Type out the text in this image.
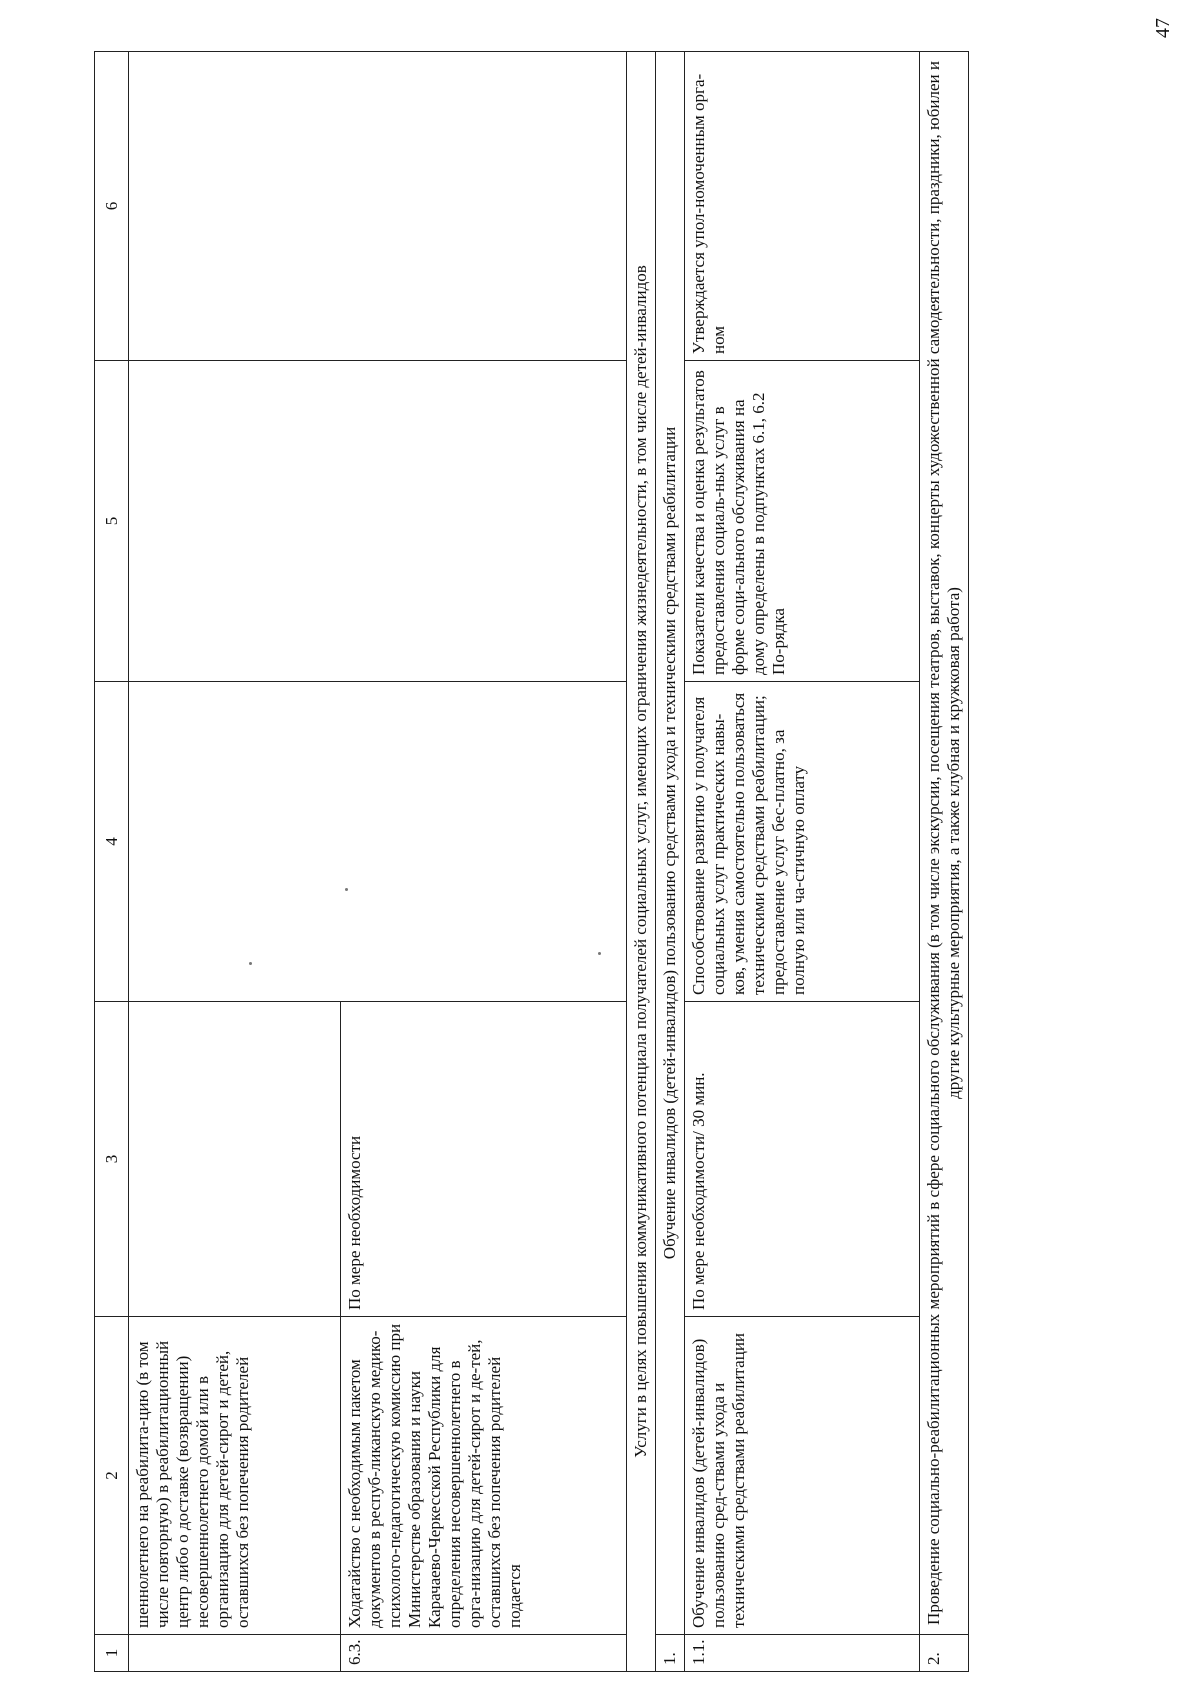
47
1	2	3	4	5	6
	шеннолетнего на реабилита-цию (в том числе повторную) в реабилитационный центр либо о доставке (возвращении) несовершеннолетнего домой или в организацию для детей-сирот и детей, оставшихся без попечения родителей				
6.3.	Ходатайство с необходимым пакетом документов в респуб-ликанскую медико-психолого-педагогическую комиссию при Министерстве образования и науки Карачаево-Черкесской Республики для определения несовершеннолетнего в орга-низацию для детей-сирот и де-тей, оставшихся без попечения родителей подается	По мере необходимости			
Услуги в целях повышения коммуникативного потенциала получателей социальных услуг, имеющих ограничения жизнедеятельности, в том числе детей-инвалидов					
1.	Обучение инвалидов (детей-инвалидов) пользованию средствами ухода и техническими средствами реабилитации				
1.1.	Обучение инвалидов (детей-инвалидов) пользованию сред-ствами ухода и техническими средствами реабилитации	По мере необходимости/ 30 мин.	Способствование развитию у получателя социальных услуг практических навы-ков, умения самостоятельно пользоваться техническими средствами реабилитации; предоставление услуг бес-платно, за полную или ча-стичную оплату	Показатели качества и оценка результатов предоставления социаль-ных услуг в форме соци-ального обслуживания на дому определены в подпунктах 6.1, 6.2 По-рядка	Утверждается упол-номоченным орга-ном
2.	Проведение социально-реабилитационных мероприятий в сфере социального обслуживания (в том числе экскурсии, посещения театров, выставок, концерты художественной самодеятельности, праздники, юбилеи и другие культурные мероприятия, а также клубная и кружковая работа)				
